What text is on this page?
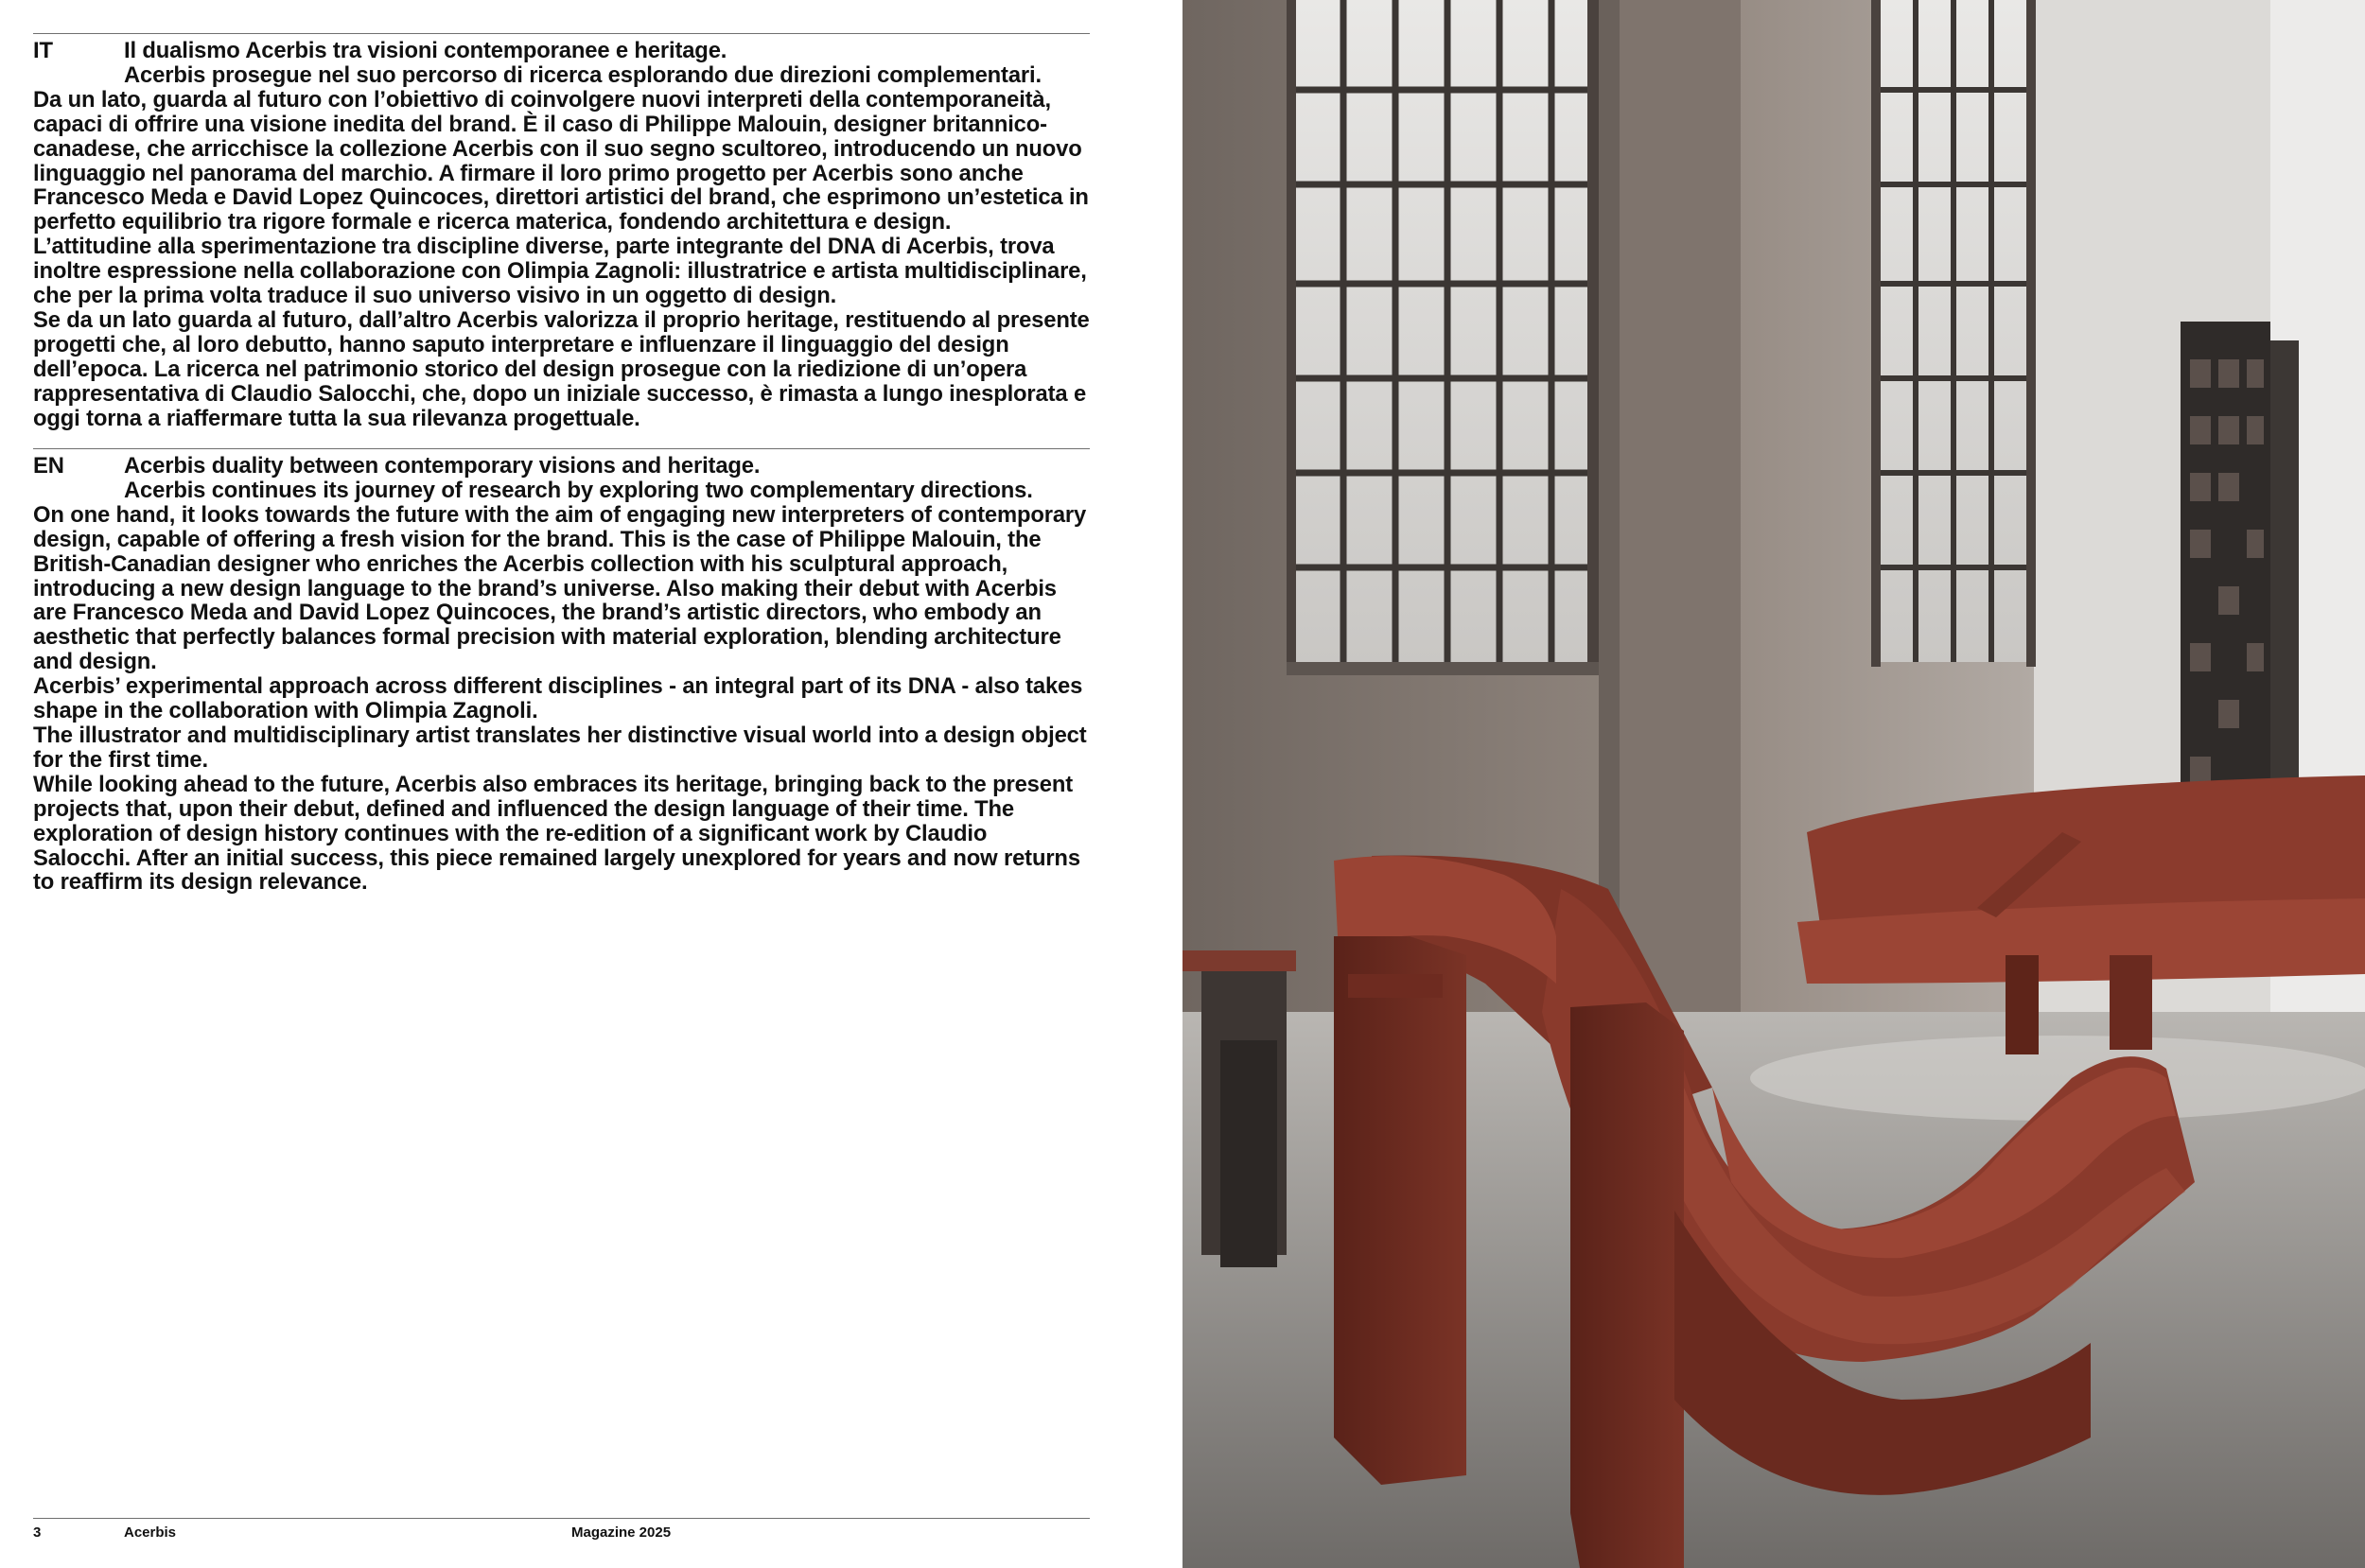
IT	Il dualismo Acerbis tra visioni contemporanee e heritage.

Acerbis prosegue nel suo percorso di ricerca esplorando due direzioni complementari.

Da un lato, guarda al futuro con l’obiettivo di coinvolgere nuovi interpreti della contemporaneità, capaci di offrire una visione inedita del brand. È il caso di Philippe Malouin, designer britannico-canadese, che arricchisce la collezione Acerbis con il suo segno scultoreo, introducendo un nuovo linguaggio nel panorama del marchio. A firmare il loro primo progetto per Acerbis sono anche Francesco Meda e David Lopez Quincoces, direttori artistici del brand, che esprimono un’estetica in perfetto equilibrio tra rigore formale e ricerca materica, fondendo architettura e design.

L’attitudine alla sperimentazione tra discipline diverse, parte integrante del DNA di Acerbis, trova inoltre espressione nella collaborazione con Olimpia Zagnoli: illustratrice e artista multidisciplinare, che per la prima volta traduce il suo universo visivo in un oggetto di design.

Se da un lato guarda al futuro, dall’altro Acerbis valorizza il proprio heritage, restituendo al presente progetti che, al loro debutto, hanno saputo interpretare e influenzare il linguaggio del design dell’epoca. La ricerca nel patrimonio storico del design prosegue con la riedizione di un’opera rappresentativa di Claudio Salocchi, che, dopo un iniziale successo, è rimasta a lungo inesplorata e oggi torna a riaffermare tutta la sua rilevanza progettuale.

EN	Acerbis duality between contemporary visions and heritage.

Acerbis continues its journey of research by exploring two complementary directions.

On one hand, it looks towards the future with the aim of engaging new interpreters of contemporary design, capable of offering a fresh vision for the brand. This is the case of Philippe Malouin, the British-Canadian designer who enriches the Acerbis collection with his sculptural approach, introducing a new design language to the brand’s universe. Also making their debut with Acerbis are Francesco Meda and David Lopez Quincoces, the brand’s artistic directors, who embody an aesthetic that perfectly balances formal precision with material exploration, blending architecture and design.

Acerbis’ experimental approach across different disciplines - an integral part of its DNA - also takes shape in the collaboration with Olimpia Zagnoli.

The illustrator and multidisciplinary artist translates her distinctive visual world into a design object for the first time.

While looking ahead to the future, Acerbis also embraces its heritage, bringing back to the present projects that, upon their debut, defined and influenced the design language of their time. The exploration of design history continues with the re-edition of a significant work by Claudio Salocchi. After an initial success, this piece remained largely unexplored for years and now returns to reaffirm its design relevance.

3	Acerbis	Magazine 2025
